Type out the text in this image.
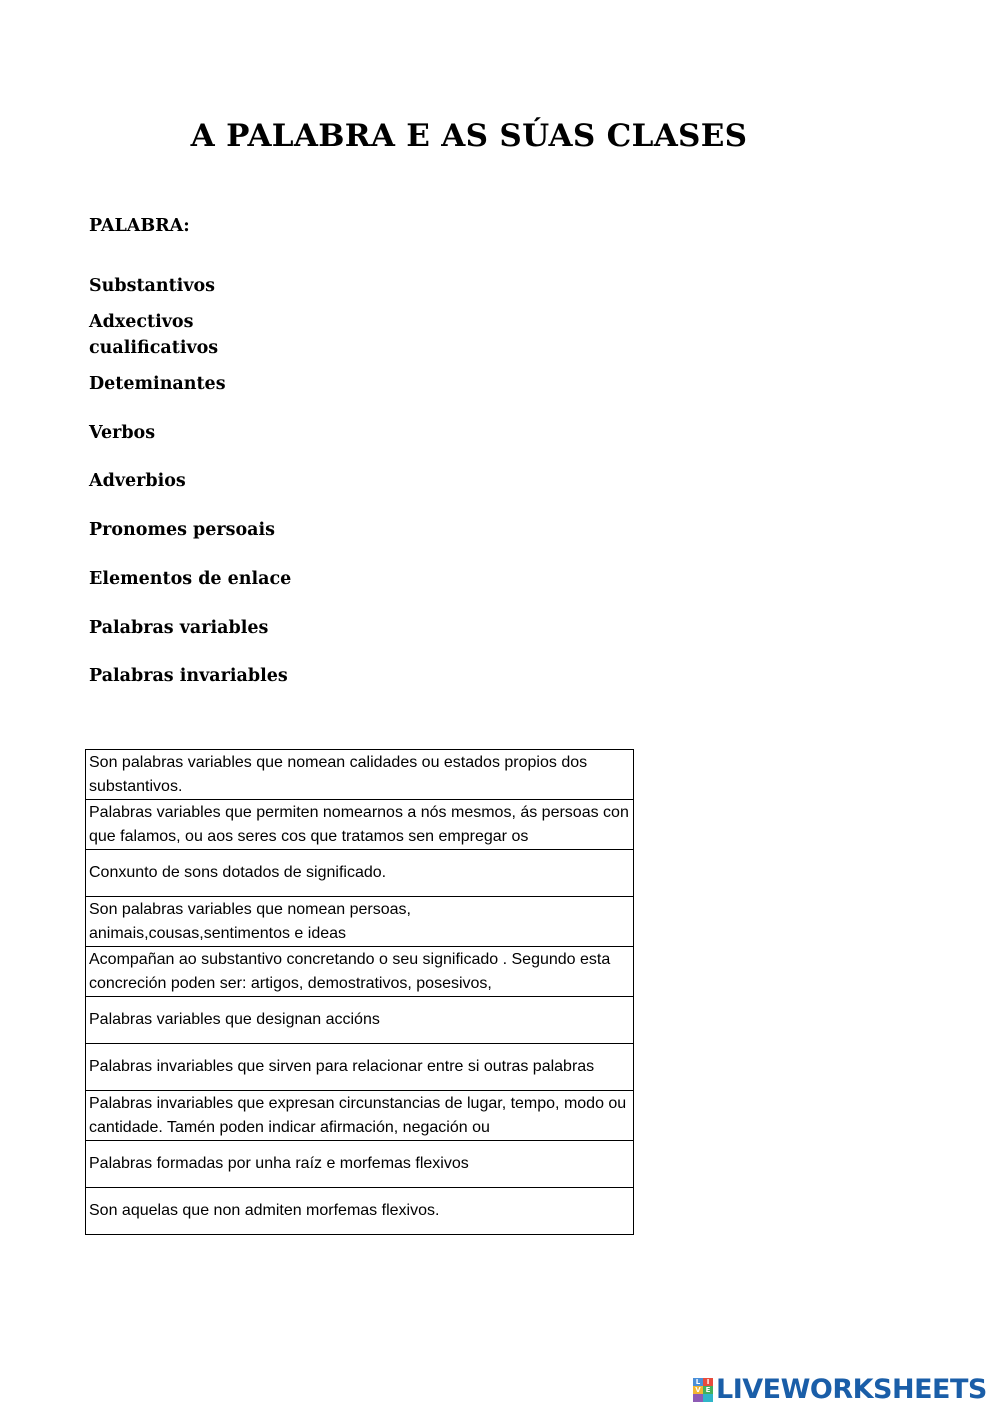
A PALABRA E AS SÚAS CLASES

PALABRA:

Substantivos

Adxectivos cualificativos

Deteminantes

Verbos

Adverbios

Pronomes persoais

Elementos de enlace

Palabras variables

Palabras invariables

Son palabras variables que nomean calidades ou estados propios dos substantivos.

Palabras variables que permiten nomearnos a nós mesmos, ás persoas con que falamos, ou aos seres cos que tratamos sen empregar os

Conxunto de sons dotados de significado.

Son palabras variables que nomean persoas, animais,cousas,sentimentos e ideas

Acompañan ao substantivo concretando o seu significado . Segundo esta concreción poden ser: artigos, demostrativos, posesivos,

Palabras variables que designan accións
Palabras invariables que sirven para relacionar entre si outras palabras

Palabras invariables que expresan circunstancias de lugar, tempo, modo ou cantidade. Tamén poden indicar afirmación, negación ou

Palabras formadas por unha raíz e morfemas flexivos
Son aquelas que non admiten morfemas flexivos.
L I
V E LIVEWORKSHEETS
